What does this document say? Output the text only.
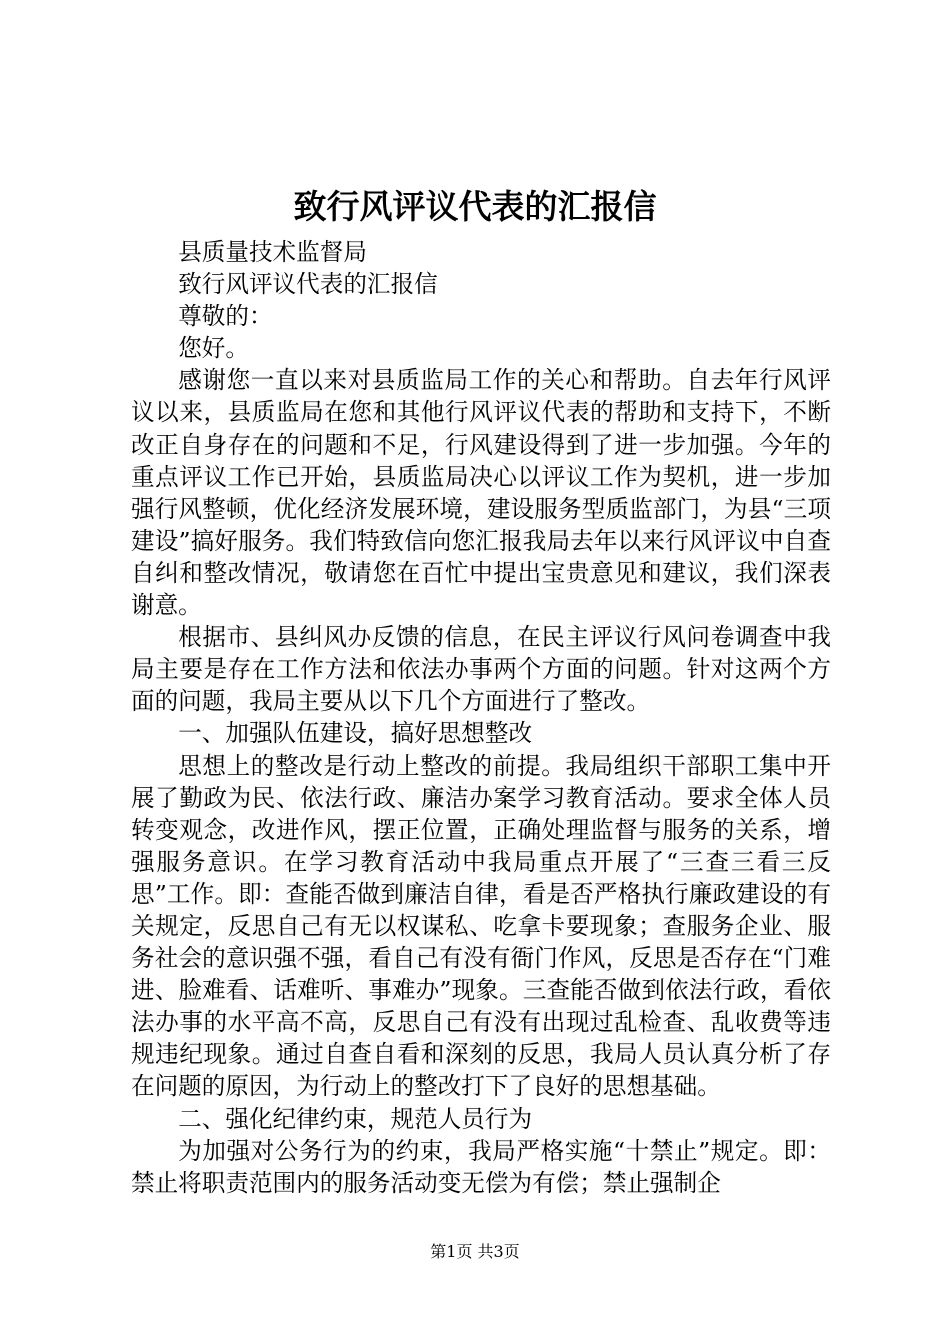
致行风评议代表的汇报信

县质量技术监督局

致行风评议代表的汇报信

尊敬的：

您好。

感谢您一直以来对县质监局工作的关心和帮助。自去年行风评议以来，县质监局在您和其他行风评议代表的帮助和支持下，不断改正自身存在的问题和不足，行风建设得到了进一步加强。今年的重点评议工作已开始，县质监局决心以评议工作为契机，进一步加强行风整顿，优化经济发展环境，建设服务型质监部门，为县“三项建设”搞好服务。我们特致信向您汇报我局去年以来行风评议中自查自纠和整改情况，敬请您在百忙中提出宝贵意见和建议，我们深表谢意。

根据市、县纠风办反馈的信息，在民主评议行风问卷调查中我局主要是存在工作方法和依法办事两个方面的问题。针对这两个方面的问题，我局主要从以下几个方面进行了整改。

一、加强队伍建设，搞好思想整改

思想上的整改是行动上整改的前提。我局组织干部职工集中开展了勤政为民、依法行政、廉洁办案学习教育活动。要求全体人员转变观念，改进作风，摆正位置，正确处理监督与服务的关系，增强服务意识。在学习教育活动中我局重点开展了“三查三看三反思”工作。即：查能否做到廉洁自律，看是否严格执行廉政建设的有关规定，反思自己有无以权谋私、吃拿卡要现象；查服务企业、服务社会的意识强不强，看自己有没有衙门作风，反思是否存在“门难进、脸难看、话难听、事难办”现象。三查能否做到依法行政，看依法办事的水平高不高，反思自己有没有出现过乱检查、乱收费等违规违纪现象。通过自查自看和深刻的反思，我局人员认真分析了存在问题的原因，为行动上的整改打下了良好的思想基础。

二、强化纪律约束，规范人员行为

为加强对公务行为的约束，我局严格实施“十禁止”规定。即：禁止将职责范围内的服务活动变无偿为有偿；禁止强制企

第1页 共3页
